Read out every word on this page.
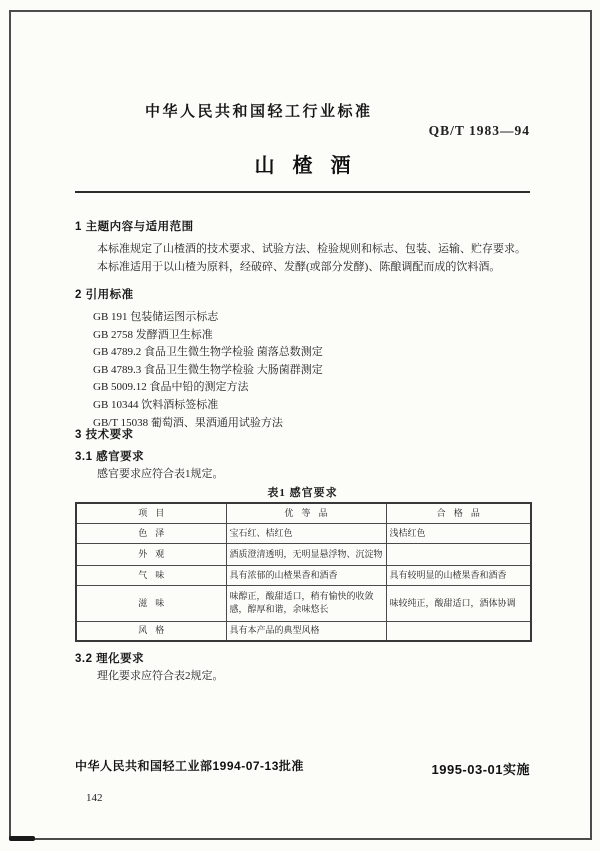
中华人民共和国轻工行业标准
QB/T 1983—94
山楂酒
1 主题内容与适用范围
本标准规定了山楂酒的技术要求、试验方法、检验规则和标志、包装、运输、贮存要求。
本标准适用于以山楂为原料，经破碎、发酵(或部分发酵)、陈酿调配而成的饮料酒。
2 引用标准
GB 191 包装储运图示标志
GB 2758 发酵酒卫生标准
GB 4789.2 食品卫生微生物学检验 菌落总数测定
GB 4789.3 食品卫生微生物学检验 大肠菌群测定
GB 5009.12 食品中铅的测定方法
GB 10344 饮料酒标签标准
GB/T 15038 葡萄酒、果酒通用试验方法
3 技术要求
3.1 感官要求
感官要求应符合表1规定。
表1 感官要求
项目	优等品	合格品
色泽	宝石红、桔红色	浅桔红色
外观	酒质澄清透明，无明显悬浮物、沉淀物	
气味	具有浓郁的山楂果香和酒香	具有较明显的山楂果香和酒香
滋味	味醇正，酸甜适口，稍有愉快的收敛感，醇厚和谐，余味悠长	味较纯正，酸甜适口，酒体协调
风格	具有本产品的典型风格	
3.2 理化要求
理化要求应符合表2规定。
中华人民共和国轻工业部1994-07-13批准	1995-03-01实施
142
